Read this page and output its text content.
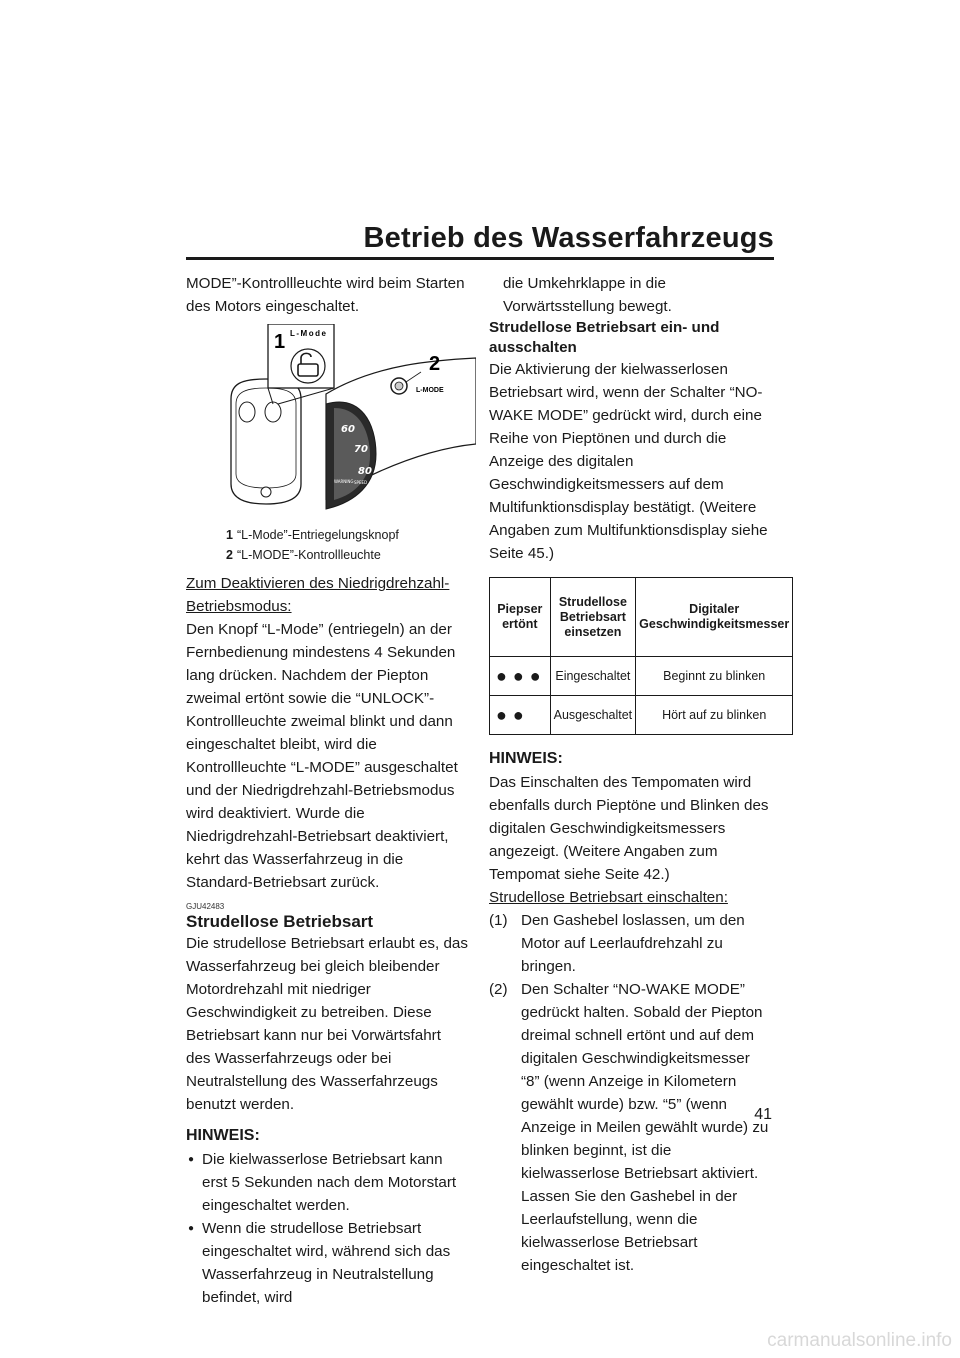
Betrieb des Wasserfahrzeugs

MODE”-Kontrollleuchte wird beim Starten des Motors eingeschaltet.

60
70
80
WARNING SPEED
L-MODE
2
1 L-Mode
1 “L-Mode”-Entriegelungsknopf
2 “L-MODE”-Kontrollleuchte

Zum Deaktivieren des Niedrigdrehzahl-Betriebsmodus:

Den Knopf “L-Mode” (entriegeln) an der Fernbedienung mindestens 4 Sekunden lang drücken. Nachdem der Piepton zweimal ertönt sowie die “UNLOCK”-Kontrollleuchte zweimal blinkt und dann eingeschaltet bleibt, wird die Kontrollleuchte “L-MODE” ausgeschaltet und der Niedrigdrehzahl-Betriebsmodus wird deaktiviert. Wurde die Niedrigdrehzahl-Betriebsart deaktiviert, kehrt das Wasserfahrzeug in die Standard-Betriebsart zurück.

GJU42483
Strudellose Betriebsart

Die strudellose Betriebsart erlaubt es, das Wasserfahrzeug bei gleich bleibender Motordrehzahl mit niedriger Geschwindigkeit zu betreiben. Diese Betriebsart kann nur bei Vorwärtsfahrt des Wasserfahrzeugs oder bei Neutralstellung des Wasserfahrzeugs benutzt werden.

HINWEIS:
● Die kielwasserlose Betriebsart kann erst 5 Sekunden nach dem Motorstart eingeschaltet werden.
● Wenn die strudellose Betriebsart eingeschaltet wird, während sich das Wasserfahrzeug in Neutralstellung befindet, wird

die Umkehrklappe in die Vorwärtsstellung bewegt.

Strudellose Betriebsart ein- und ausschalten

Die Aktivierung der kielwasserlosen Betriebsart wird, wenn der Schalter “NO-WAKE MODE” gedrückt wird, durch eine Reihe von Pieptönen und durch die Anzeige des digitalen Geschwindigkeitsmessers auf dem Multifunktionsdisplay bestätigt. (Weitere Angaben zum Multifunktionsdisplay siehe Seite 45.)

Piepser ertönt	Strudellose Betriebsart einsetzen	Digitaler Geschwindigkeitsmesser
●●●	Eingeschaltet	Beginnt zu blinken
●●	Ausgeschaltet	Hört auf zu blinken
HINWEIS:

Das Einschalten des Tempomaten wird ebenfalls durch Pieptöne und Blinken des digitalen Geschwindigkeitsmessers angezeigt. (Weitere Angaben zum Tempomat siehe Seite 42.)

Strudellose Betriebsart einschalten:

(1) Den Gashebel loslassen, um den Motor auf Leerlaufdrehzahl zu bringen.
(2) Den Schalter “NO-WAKE MODE” gedrückt halten. Sobald der Piepton dreimal schnell ertönt und auf dem digitalen Geschwindigkeitsmesser “8” (wenn Anzeige in Kilometern gewählt wurde) bzw. “5” (wenn Anzeige in Meilen gewählt wurde) zu blinken beginnt, ist die kielwasserlose Betriebsart aktiviert. Lassen Sie den Gashebel in der Leerlaufstellung, wenn die kielwasserlose Betriebsart eingeschaltet ist.
41
carmanualsonline.info
